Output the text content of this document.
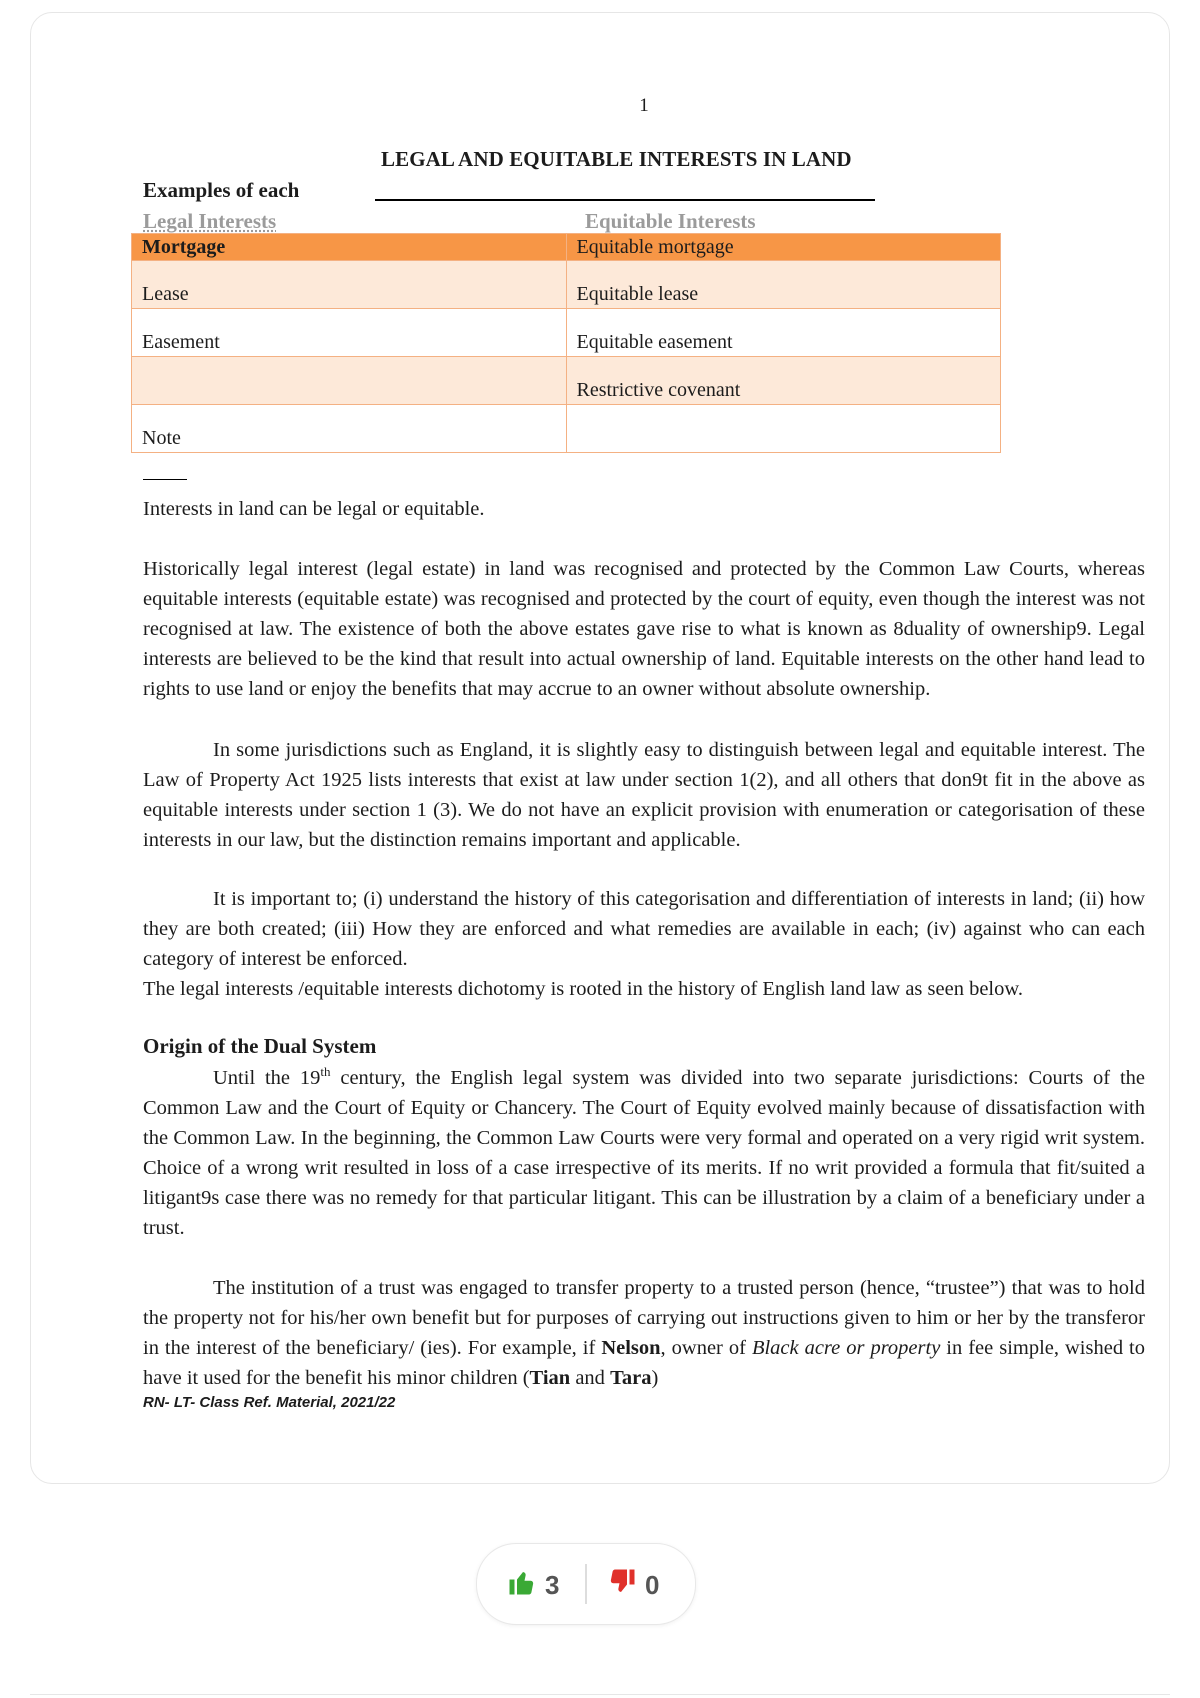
1
LEGAL AND EQUITABLE INTERESTS IN LAND
Examples of each
Legal Interests	Equitable Interests
Mortgage	Equitable mortgage
Lease	Equitable lease
Easement	Equitable easement
	Restrictive covenant
Note	
Interests in land can be legal or equitable.
Historically legal interest (legal estate) in land was recognised and protected by the Common Law Courts, whereas equitable interests (equitable estate) was recognised and protected by the court of equity, even though the interest was not recognised at law. The existence of both the above estates gave rise to what is known as 8duality of ownership9. Legal interests are believed to be the kind that result into actual ownership of land. Equitable interests on the other hand lead to rights to use land or enjoy the benefits that may accrue to an owner without absolute ownership.
In some jurisdictions such as England, it is slightly easy to distinguish between legal and equitable interest. The Law of Property Act 1925 lists interests that exist at law under section 1(2), and all others that don9t fit in the above as equitable interests under section 1 (3). We do not have an explicit provision with enumeration or categorisation of these interests in our law, but the distinction remains important and applicable.
It is important to; (i) understand the history of this categorisation and differentiation of interests in land; (ii) how they are both created; (iii) How they are enforced and what remedies are available in each; (iv) against who can each category of interest be enforced.
The legal interests /equitable interests dichotomy is rooted in the history of English land law as seen below.
Origin of the Dual System
Until the 19th century, the English legal system was divided into two separate jurisdictions: Courts of the Common Law and the Court of Equity or Chancery. The Court of Equity evolved mainly because of dissatisfaction with the Common Law. In the beginning, the Common Law Courts were very formal and operated on a very rigid writ system. Choice of a wrong writ resulted in loss of a case irrespective of its merits. If no writ provided a formula that fit/suited a litigant9s case there was no remedy for that particular litigant. This can be illustration by a claim of a beneficiary under a trust.
The institution of a trust was engaged to transfer property to a trusted person (hence, “trustee”) that was to hold the property not for his/her own benefit but for purposes of carrying out instructions given to him or her by the transferor in the interest of the beneficiary/ (ies). For example, if Nelson, owner of Black acre or property in fee simple, wished to have it used for the benefit his minor children (Tian and Tara)
RN- LT- Class Ref. Material, 2021/22
3	0
